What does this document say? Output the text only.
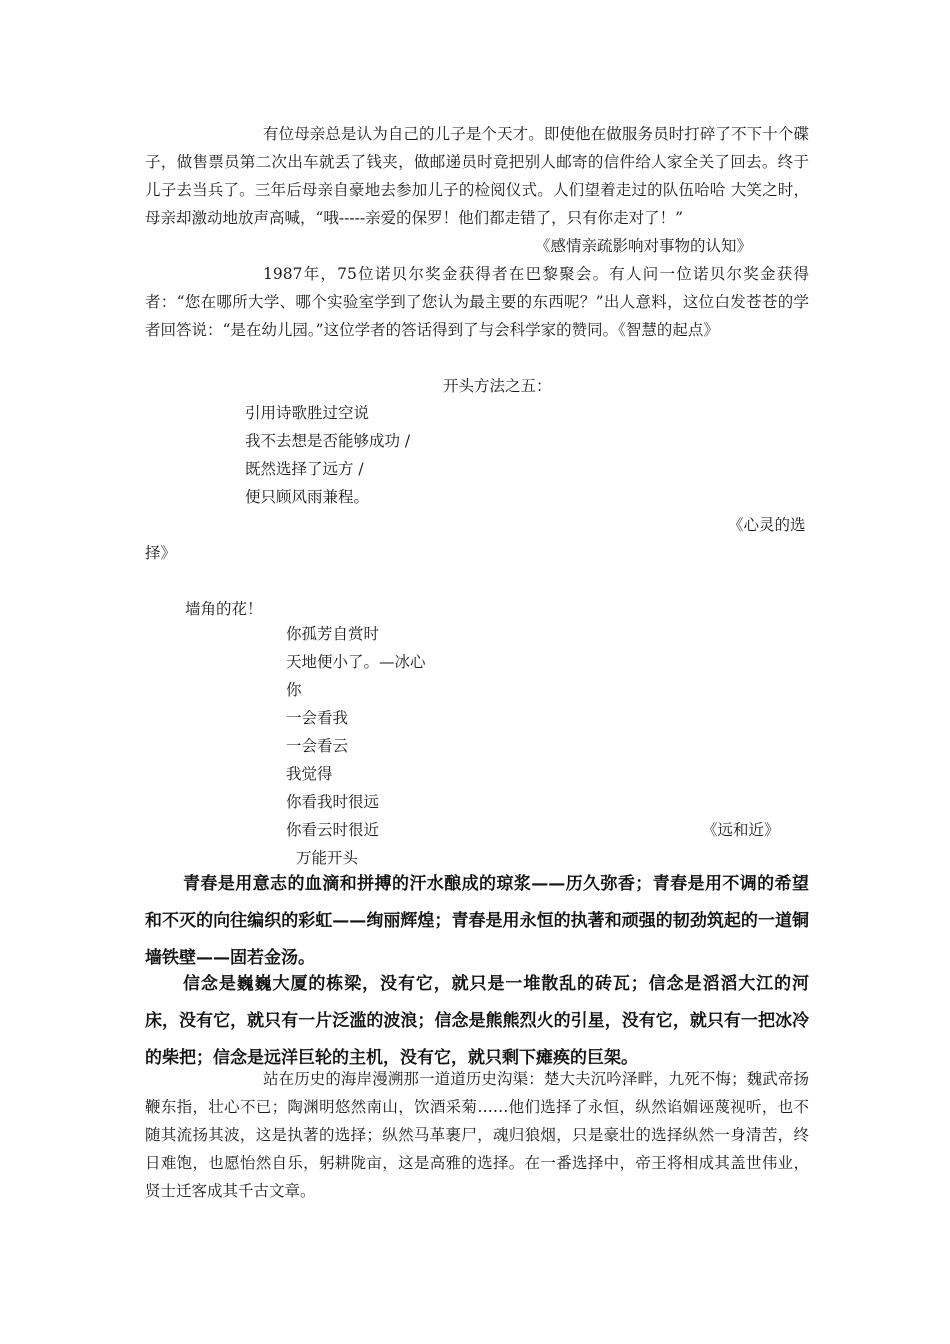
有位母亲总是认为自己的儿子是个天才。即使他在做服务员时打碎了不下十个碟子，做售票员第二次出车就丢了钱夹，做邮递员时竟把别人邮寄的信件给人家全关了回去。终于儿子去当兵了。三年后母亲自豪地去参加儿子的检阅仪式。人们望着走过的队伍哈哈 大笑之时，母亲却激动地放声高喊，“哦-----亲爱的保罗！他们都走错了，只有你走对了！”
《感情亲疏影响对事物的认知》
1987年，75位诺贝尔奖金获得者在巴黎聚会。有人问一位诺贝尔奖金获得者：“您在哪所大学、哪个实验室学到了您认为最主要的东西呢？”出人意料，这位白发苍苍的学者回答说：“是在幼儿园。”这位学者的答话得到了与会科学家的赞同。《智慧的起点》
开头方法之五：
引用诗歌胜过空说
我不去想是否能够成功 /
既然选择了远方 /
便只顾风雨兼程。
《心灵的选
择》
墙角的花！
你孤芳自赏时
天地便小了。—冰心
你
一会看我
一会看云
我觉得
你看我时很远
你看云时很近	《远和近》
万能开头
青春是用意志的血滴和拼搏的汗水酿成的琼浆——历久弥香；青春是用不调的希望和不灭的向往编织的彩虹——绚丽辉煌；青春是用永恒的执著和顽强的韧劲筑起的一道铜墙铁壁——固若金汤。
信念是巍巍大厦的栋梁，没有它，就只是一堆散乱的砖瓦；信念是滔滔大江的河床，没有它，就只有一片泛滥的波浪；信念是熊熊烈火的引星，没有它，就只有一把冰冷的柴把；信念是远洋巨轮的主机，没有它，就只剩下瘫痪的巨架。
站在历史的海岸漫溯那一道道历史沟渠：楚大夫沉吟泽畔，九死不悔；魏武帝扬鞭东指，壮心不已；陶渊明悠然南山，饮酒采菊……他们选择了永恒，纵然谄媚诬蔑视听，也不随其流扬其波，这是执著的选择；纵然马革裹尸，魂归狼烟，只是豪壮的选择纵然一身清苦，终日难饱，也愿怡然自乐，躬耕陇亩，这是高雅的选择。在一番选择中，帝王将相成其盖世伟业，贤士迁客成其千古文章。
